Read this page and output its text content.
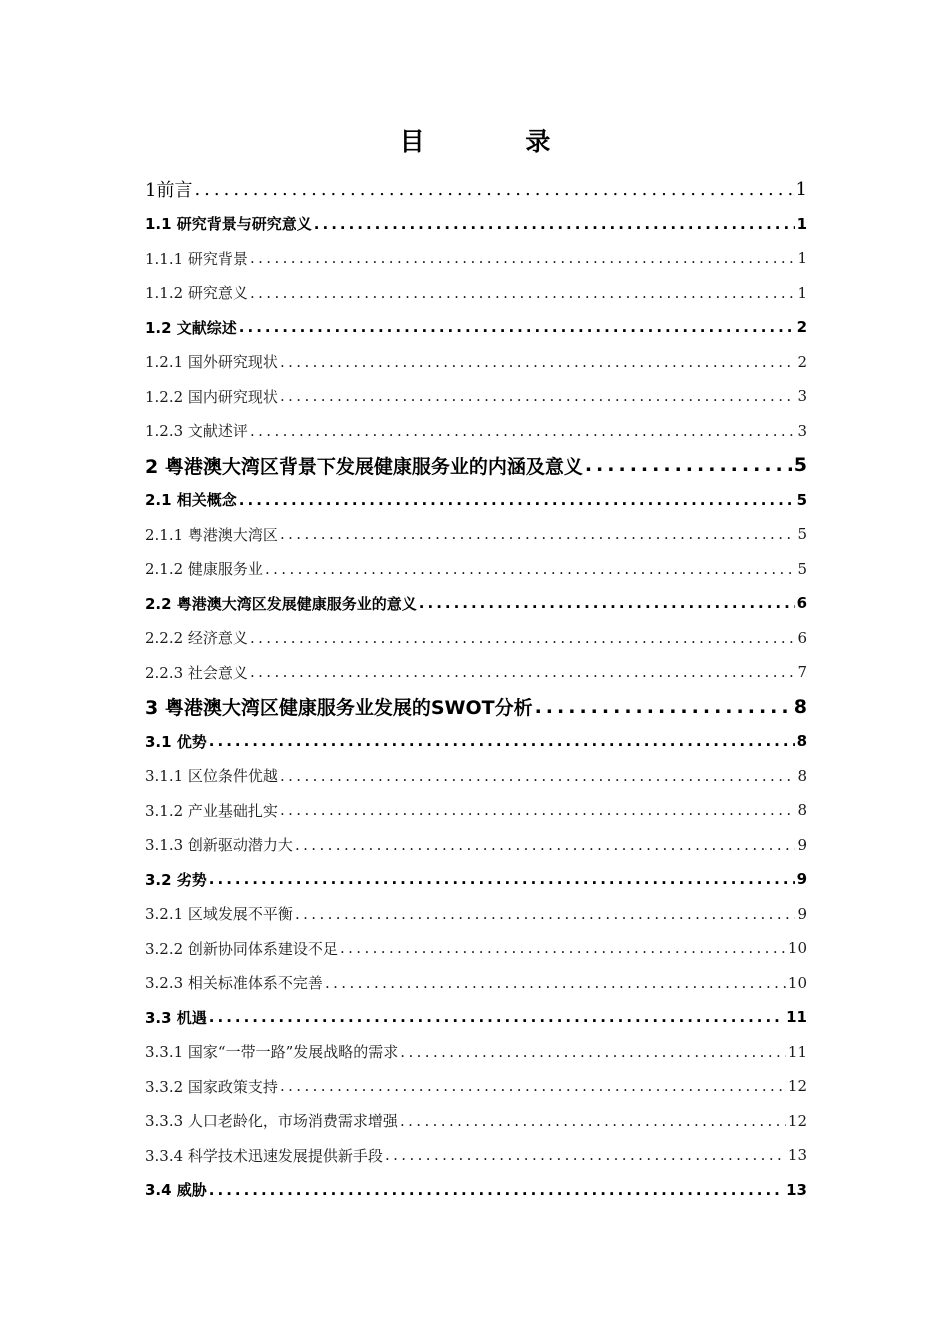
目 录
1前言 .....	1
1.1 研究背景与研究意义 .....	1
1.1.1 研究背景 .....	1
1.1.2 研究意义 .....	1
1.2 文献综述 .....	2
1.2.1 国外研究现状 .....	2
1.2.2 国内研究现状 .....	3
1.2.3 文献述评 .....	3
2 粤港澳大湾区背景下发展健康服务业的内涵及意义 .....	5
2.1 相关概念 .....	5
2.1.1 粤港澳大湾区 .....	5
2.1.2 健康服务业 .....	5
2.2 粤港澳大湾区发展健康服务业的意义 .....	6
2.2.2 经济意义 .....	6
2.2.3 社会意义 .....	7
3 粤港澳大湾区健康服务业发展的SWOT分析 .....	8
3.1 优势 .....	8
3.1.1 区位条件优越 .....	8
3.1.2 产业基础扎实 .....	8
3.1.3 创新驱动潜力大 .....	9
3.2 劣势 .....	9
3.2.1 区域发展不平衡 .....	9
3.2.2 创新协同体系建设不足 .....	10
3.2.3 相关标准体系不完善 .....	10
3.3 机遇 .....	11
3.3.1 国家“一带一路”发展战略的需求 .....	11
3.3.2 国家政策支持 .....	12
3.3.3 人口老龄化，市场消费需求增强 .....	12
3.3.4 科学技术迅速发展提供新手段 .....	13
3.4 威胁 .....	13
